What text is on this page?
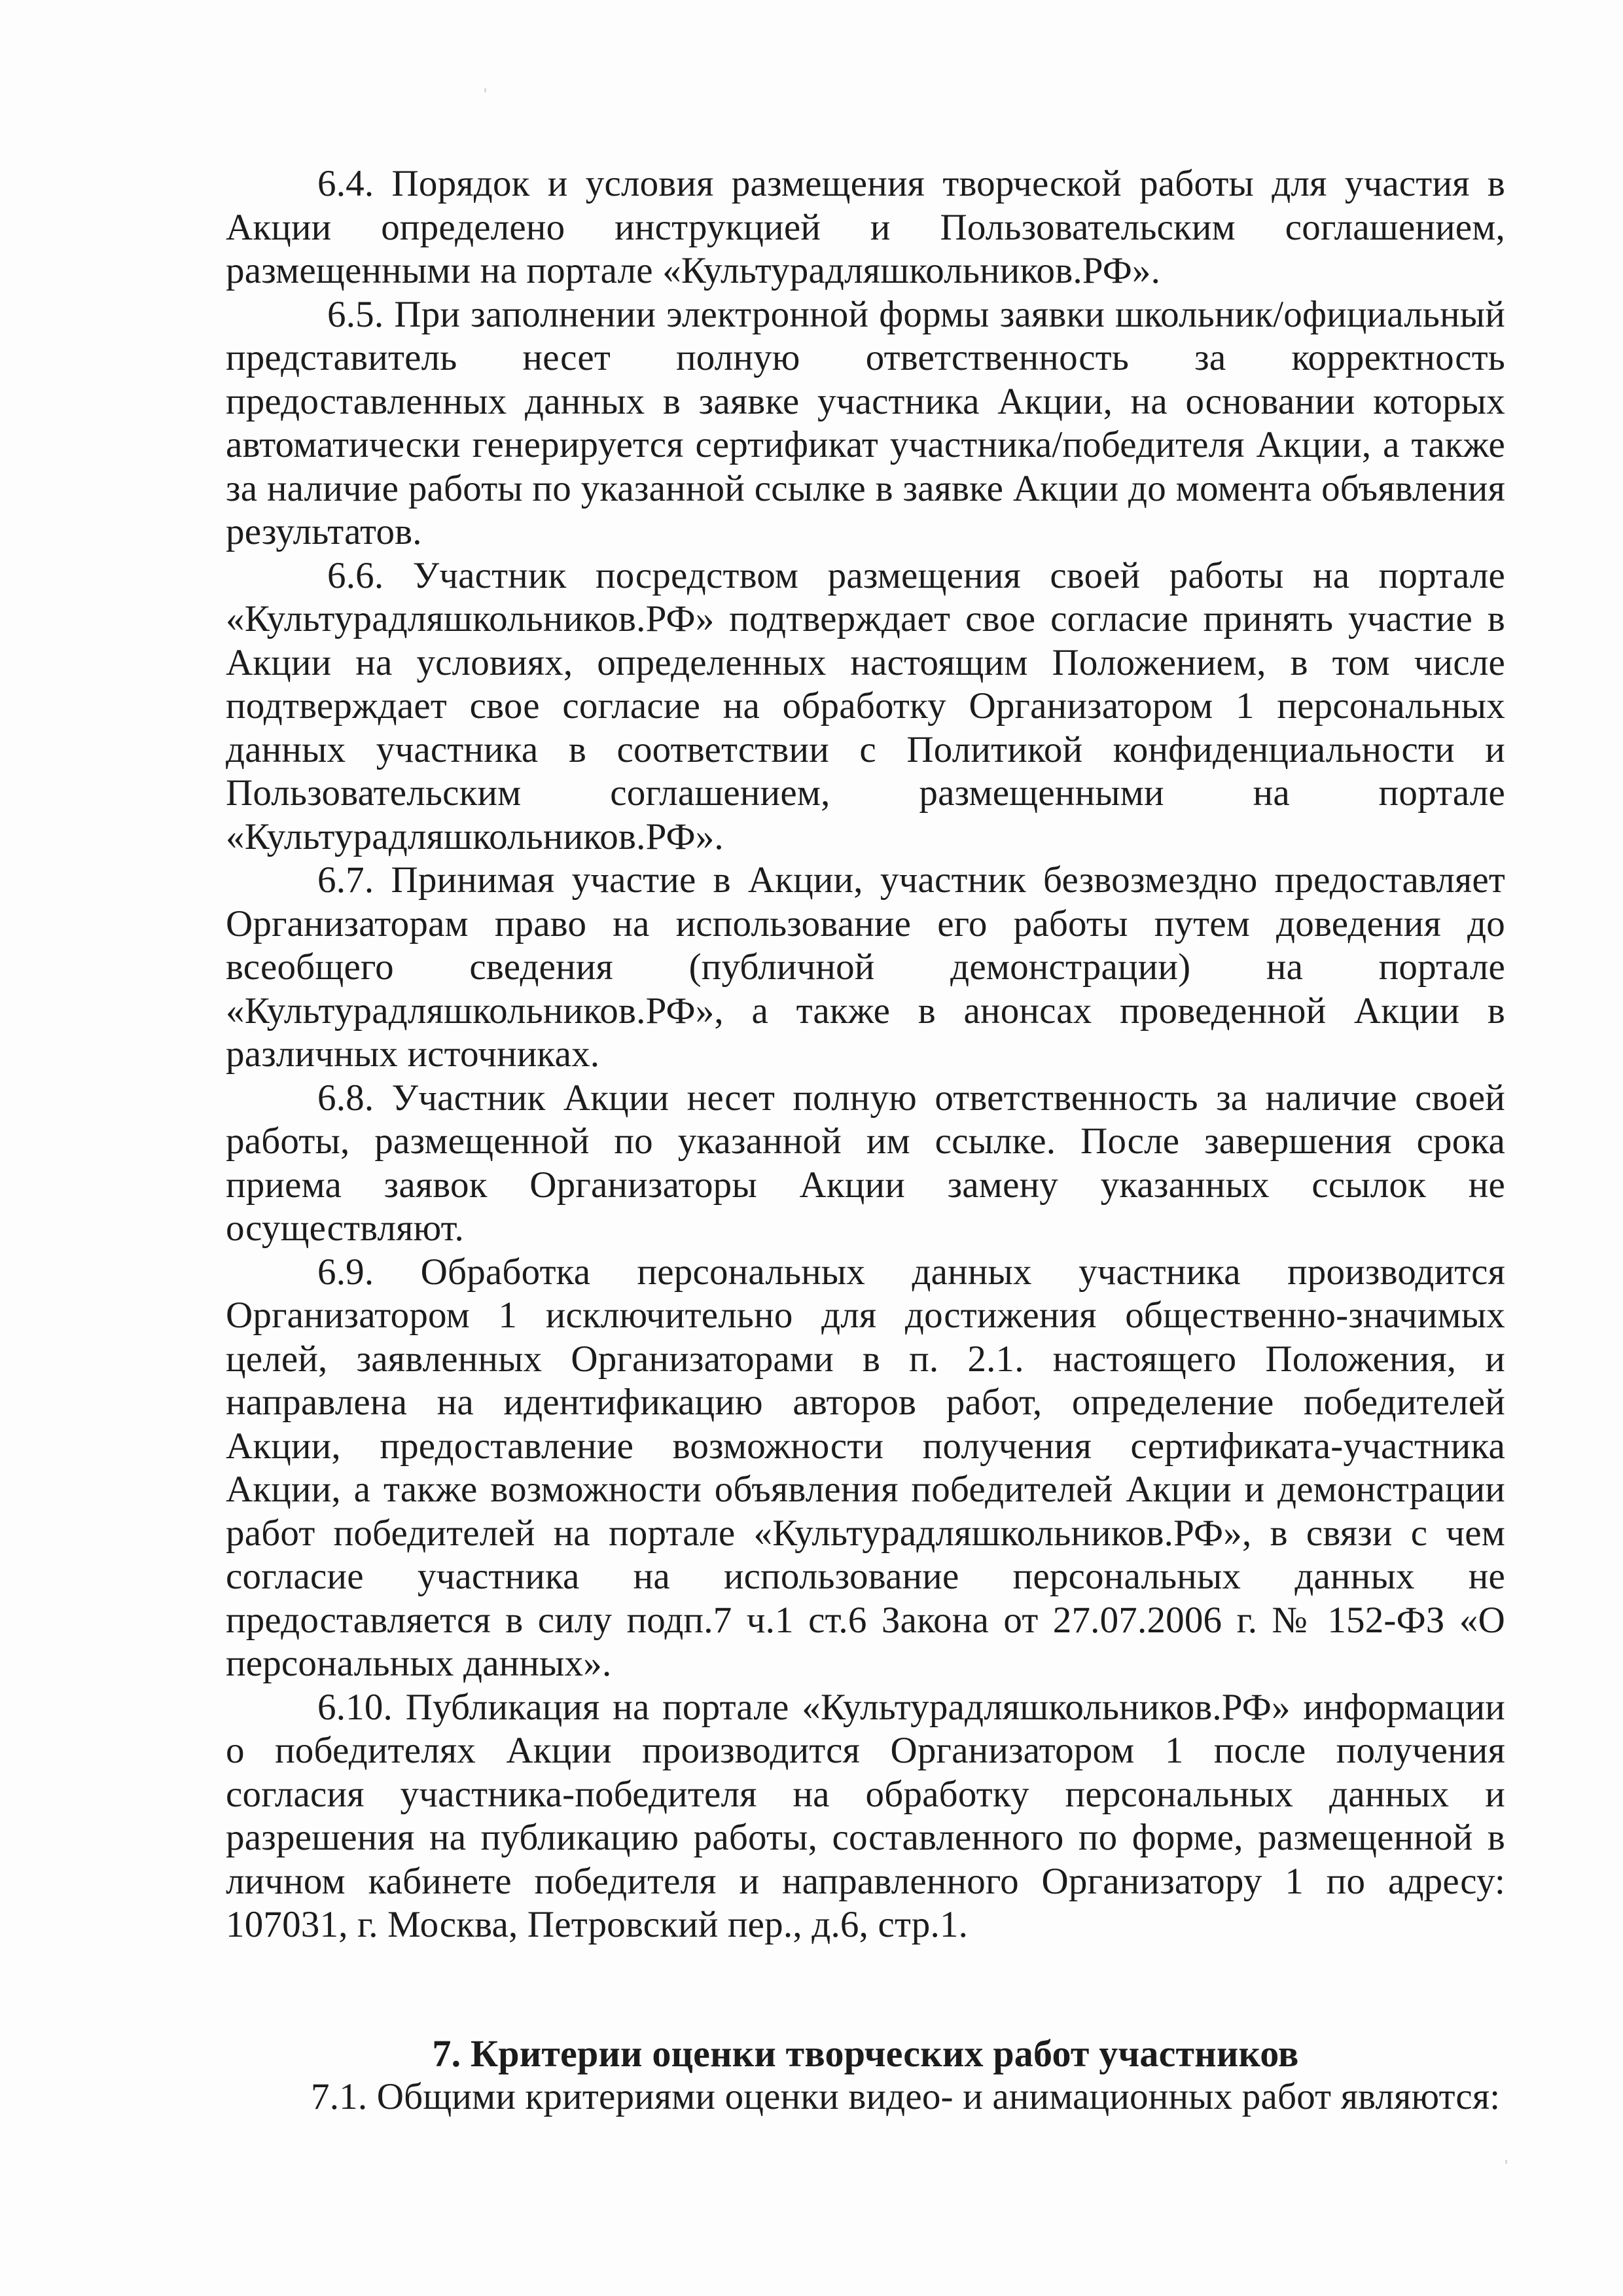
6.4. Порядок и условия размещения творческой работы для участия в Акции определено инструкцией и Пользовательским соглашением, размещенными на портале «Культурадляшкольников.РФ».

6.5. При заполнении электронной формы заявки школьник/официальный представитель несет полную ответственность за корректность предоставленных данных в заявке участника Акции, на основании которых автоматически генерируется сертификат участника/победителя Акции, а также за наличие работы по указанной ссылке в заявке Акции до момента объявления результатов.

6.6. Участник посредством размещения своей работы на портале «Культурадляшкольников.РФ» подтверждает свое согласие принять участие в Акции на условиях, определенных настоящим Положением, в том числе подтверждает свое согласие на обработку Организатором 1 персональных данных участника в соответствии с Политикой конфиденциальности и Пользовательским соглашением, размещенными на портале «Культурадляшкольников.РФ».

6.7. Принимая участие в Акции, участник безвозмездно предоставляет Организаторам право на использование его работы путем доведения до всеобщего сведения (публичной демонстрации) на портале «Культурадляшкольников.РФ», а также в анонсах проведенной Акции в различных источниках.

6.8. Участник Акции несет полную ответственность за наличие своей работы, размещенной по указанной им ссылке. После завершения срока приема заявок Организаторы Акции замену указанных ссылок не осуществляют.

6.9. Обработка персональных данных участника производится Организатором 1 исключительно для достижения общественно-значимых целей, заявленных Организаторами в п. 2.1. настоящего Положения, и направлена на идентификацию авторов работ, определение победителей Акции, предоставление возможности получения сертификата-участника Акции, а также возможности объявления победителей Акции и демонстрации работ победителей на портале «Культурадляшкольников.РФ», в связи с чем согласие участника на использование персональных данных не предоставляется в силу подп.7 ч.1 ст.6 Закона от 27.07.2006 г. № 152-ФЗ «О персональных данных».

6.10. Публикация на портале «Культурадляшкольников.РФ» информации о победителях Акции производится Организатором 1 после получения согласия участника-победителя на обработку персональных данных и разрешения на публикацию работы, составленного по форме, размещенной в личном кабинете победителя и направленного Организатору 1 по адресу: 107031, г. Москва, Петровский пер., д.6, стр.1.

7. Критерии оценки творческих работ участников

7.1. Общими критериями оценки видео- и анимационных работ являются:
